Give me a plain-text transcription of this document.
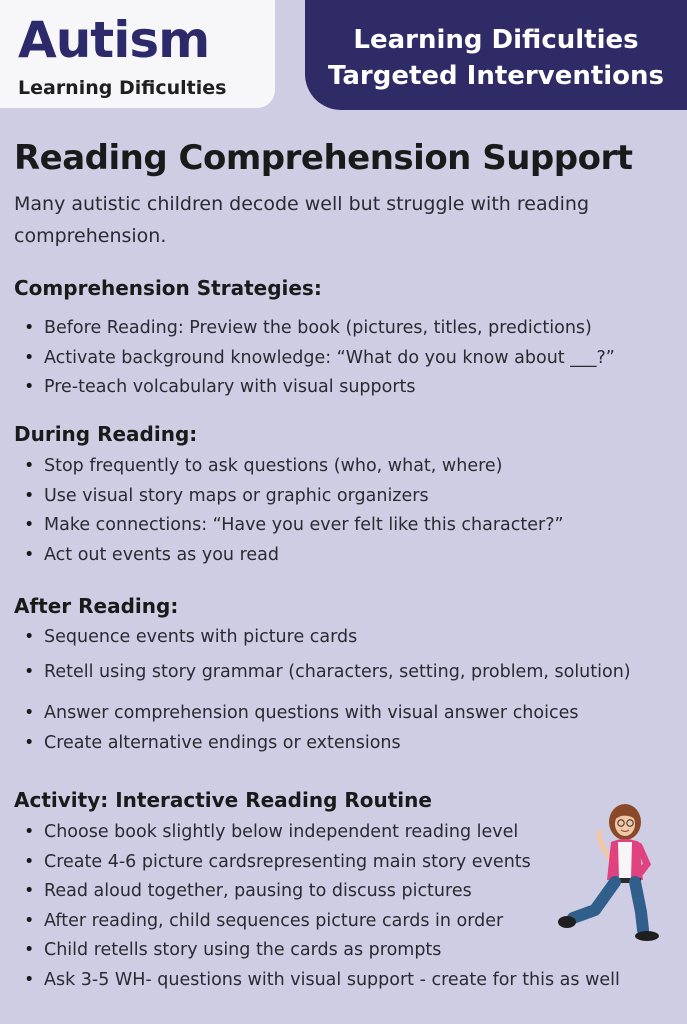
Autism
Learning Dificulties
Learning Dificulties
Targeted Interventions
Reading Comprehension Support
Many autistic children decode well but struggle with reading comprehension.
Comprehension Strategies:
• Before Reading: Preview the book (pictures, titles, predictions)
• Activate background knowledge: “What do you know about ___?”
• Pre-teach volcabulary with visual supports
During Reading:
• Stop frequently to ask questions (who, what, where)
• Use visual story maps or graphic organizers
• Make connections: “Have you ever felt like this character?”
• Act out events as you read
After Reading:
• Sequence events with picture cards
• Retell using story grammar (characters, setting, problem, solution)
• Answer comprehension questions with visual answer choices
• Create alternative endings or extensions
Activity: Interactive Reading Routine
• Choose book slightly below independent reading level
• Create 4-6 picture cardsrepresenting main story events
• Read aloud together, pausing to discuss pictures
• After reading, child sequences picture cards in order
• Child retells story using the cards as prompts
• Ask 3-5 WH- questions with visual support - create for this as well
